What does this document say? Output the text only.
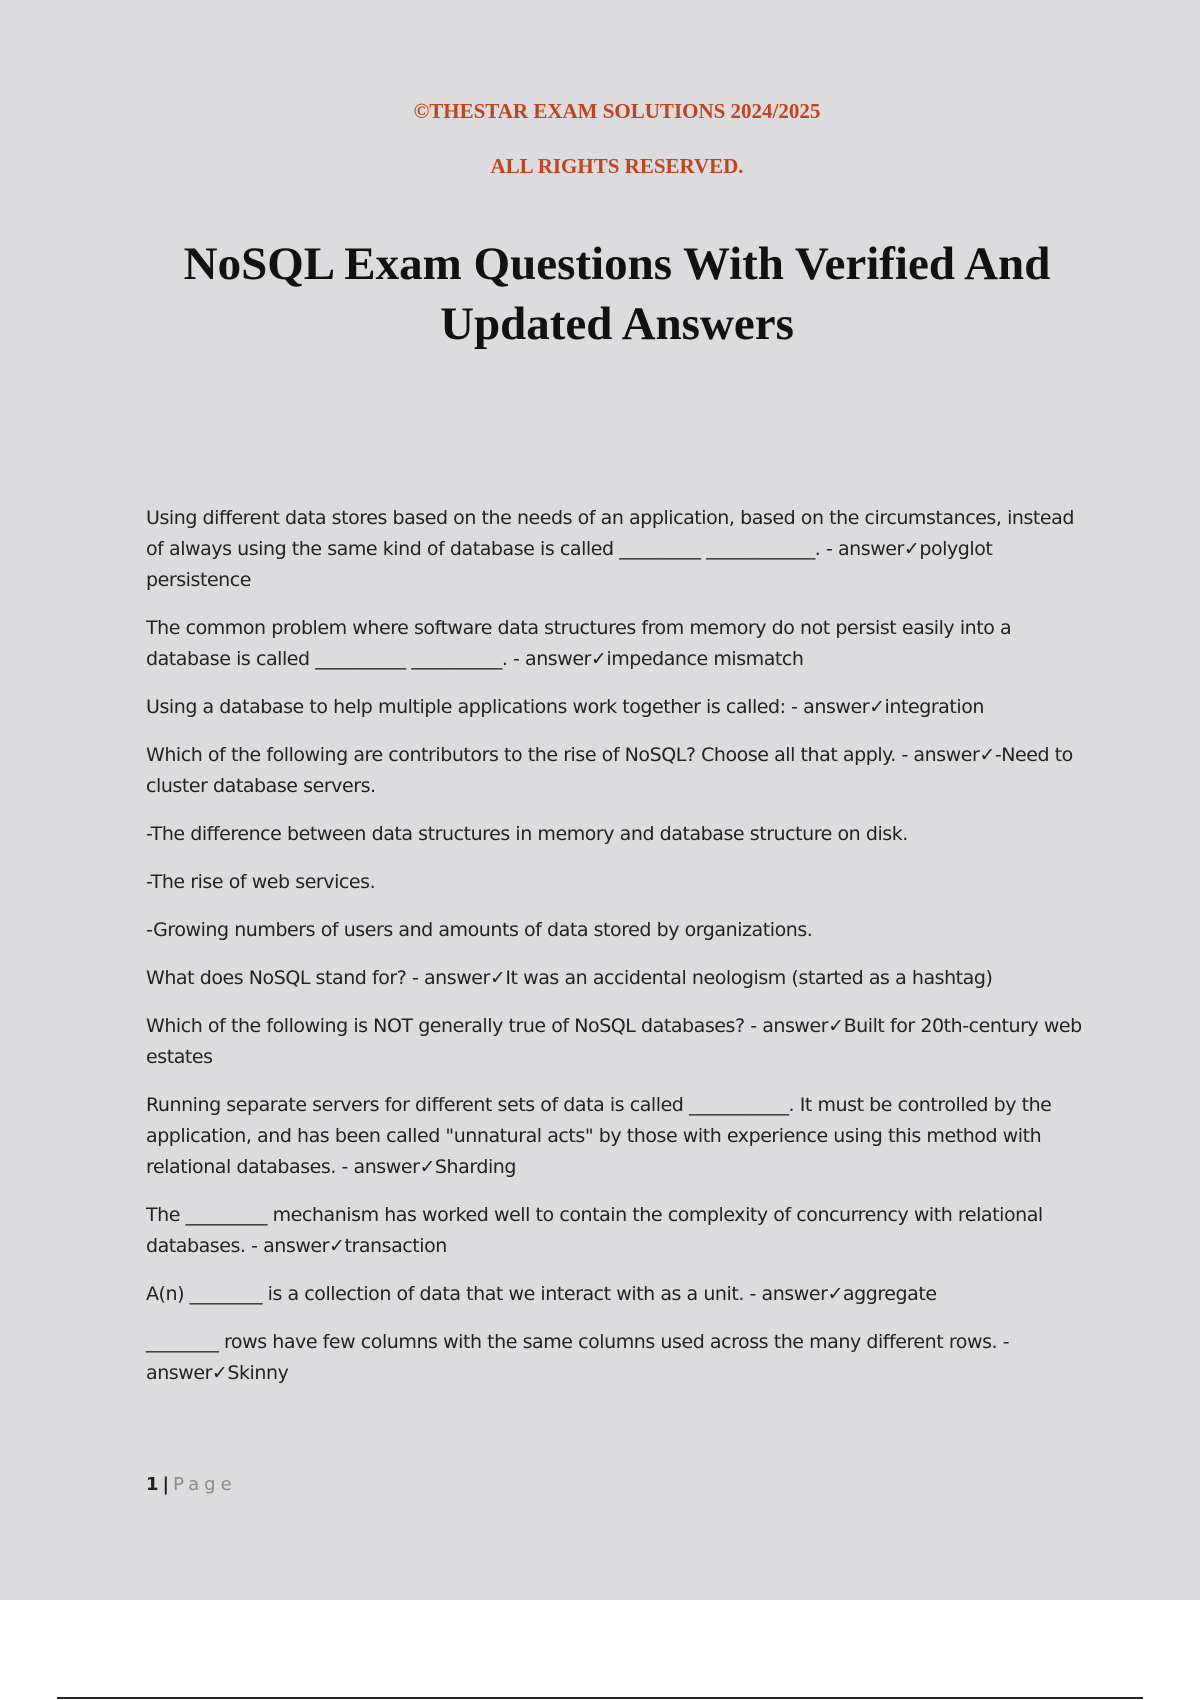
©THESTAR EXAM SOLUTIONS 2024/2025

ALL RIGHTS RESERVED.

NoSQL Exam Questions With Verified And Updated Answers

Using different data stores based on the needs of an application, based on the circumstances, instead of always using the same kind of database is called _________ ____________. - answer✓polyglot persistence

The common problem where software data structures from memory do not persist easily into a database is called __________ __________. - answer✓impedance mismatch

Using a database to help multiple applications work together is called: - answer✓integration

Which of the following are contributors to the rise of NoSQL? Choose all that apply. - answer✓-Need to cluster database servers.

-The difference between data structures in memory and database structure on disk.

-The rise of web services.

-Growing numbers of users and amounts of data stored by organizations.

What does NoSQL stand for? - answer✓It was an accidental neologism (started as a hashtag)

Which of the following is NOT generally true of NoSQL databases? - answer✓Built for 20th-century web estates

Running separate servers for different sets of data is called ___________. It must be controlled by the application, and has been called "unnatural acts" by those with experience using this method with relational databases. - answer✓Sharding

The _________ mechanism has worked well to contain the complexity of concurrency with relational databases. - answer✓transaction

A(n) ________ is a collection of data that we interact with as a unit. - answer✓aggregate

________ rows have few columns with the same columns used across the many different rows. - answer✓Skinny

1 | Page
